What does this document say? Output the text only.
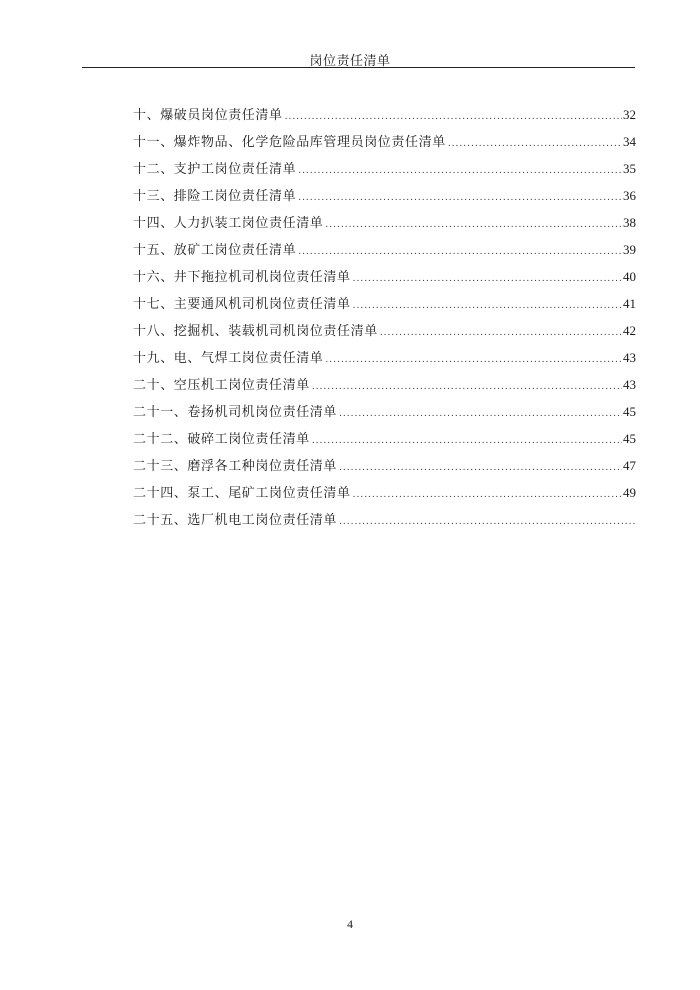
岗位责任清单
十、爆破员岗位责任清单 .....	32
十一、爆炸物品、化学危险品库管理员岗位责任清单 .....	34
十二、支护工岗位责任清单 .....	35
十三、排险工岗位责任清单 .....	36
十四、人力扒装工岗位责任清单 .....	38
十五、放矿工岗位责任清单 .....	39
十六、井下拖拉机司机岗位责任清单 .....	40
十七、主要通风机司机岗位责任清单 .....	41
十八、挖掘机、装载机司机岗位责任清单 .....	42
十九、电、气焊工岗位责任清单 .....	43
二十、空压机工岗位责任清单 .....	43
二十一、卷扬机司机岗位责任清单 .....	45
二十二、破碎工岗位责任清单 .....	45
二十三、磨浮各工种岗位责任清单 .....	47
二十四、泵工、尾矿工岗位责任清单 .....	49
二十五、选厂机电工岗位责任清单
.....
4
